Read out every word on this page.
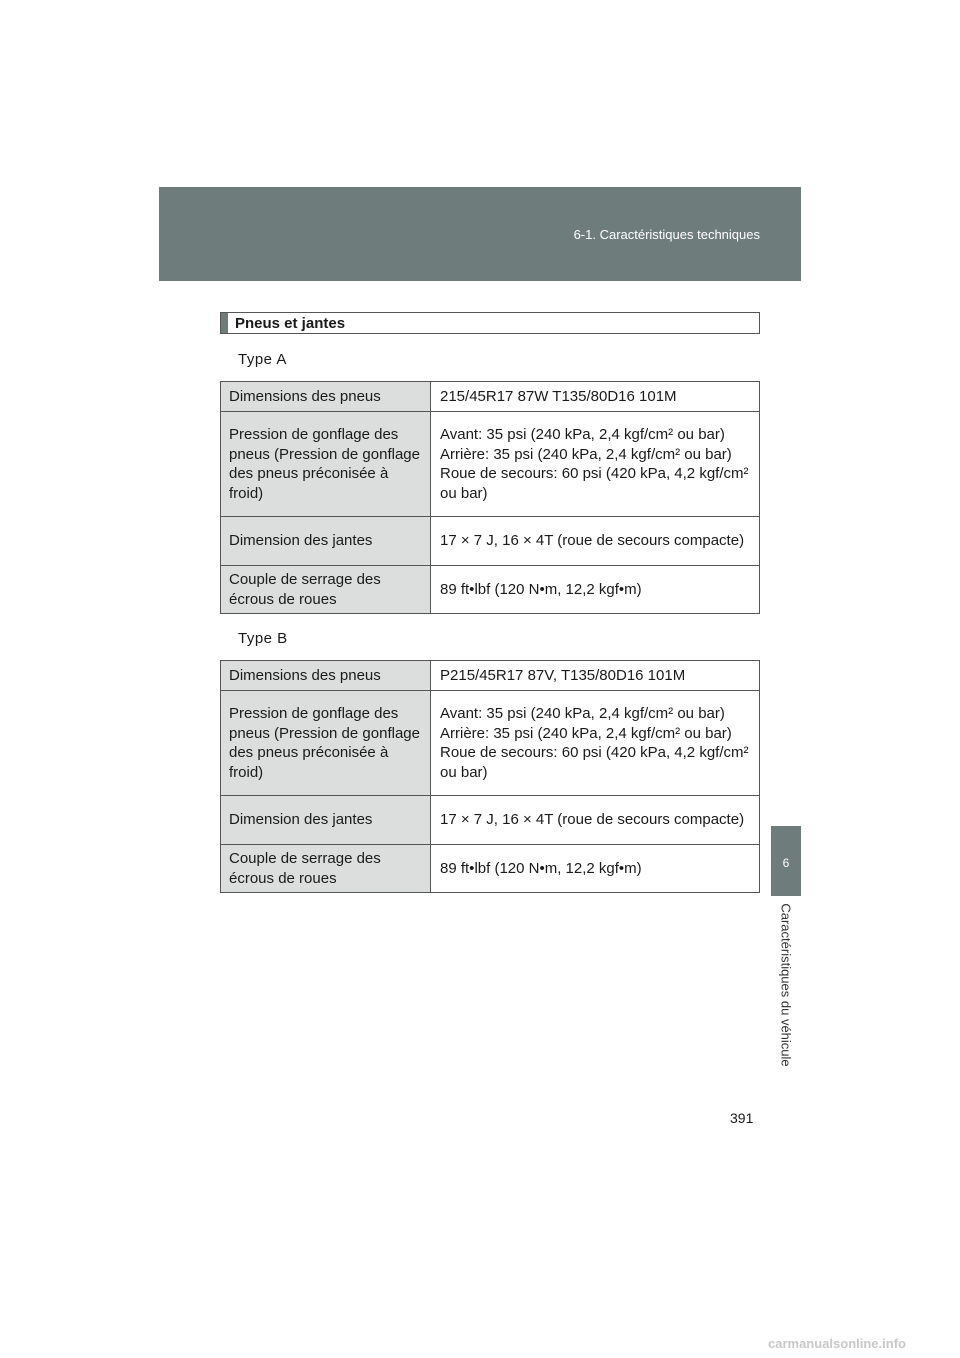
6-1. Caractéristiques techniques
6
Caractéristiques du véhicule
Pneus et jantes
Type A
Dimensions des pneus	215/45R17 87W T135/80D16 101M
Pression de gonflage des pneus (Pression de gonflage des pneus préconisée à froid)	Avant: 35 psi (240 kPa, 2,4 kgf/cm² ou bar)
Arrière: 35 psi (240 kPa, 2,4 kgf/cm² ou bar)
Roue de secours: 60 psi (420 kPa, 4,2 kgf/cm² ou bar)

Dimension des jantes	17 × 7 J, 16 × 4T (roue de secours compacte)
Couple de serrage des écrous de roues	89 ft•lbf (120 N•m, 12,2 kgf•m)
Type B
Dimensions des pneus	P215/45R17 87V, T135/80D16 101M
Pression de gonflage des pneus (Pression de gonflage des pneus préconisée à froid)	Avant: 35 psi (240 kPa, 2,4 kgf/cm² ou bar)
Arrière: 35 psi (240 kPa, 2,4 kgf/cm² ou bar)
Roue de secours: 60 psi (420 kPa, 4,2 kgf/cm² ou bar)

Dimension des jantes	17 × 7 J, 16 × 4T (roue de secours compacte)
Couple de serrage des écrous de roues	89 ft•lbf (120 N•m, 12,2 kgf•m)
391
carmanualsonline.info
